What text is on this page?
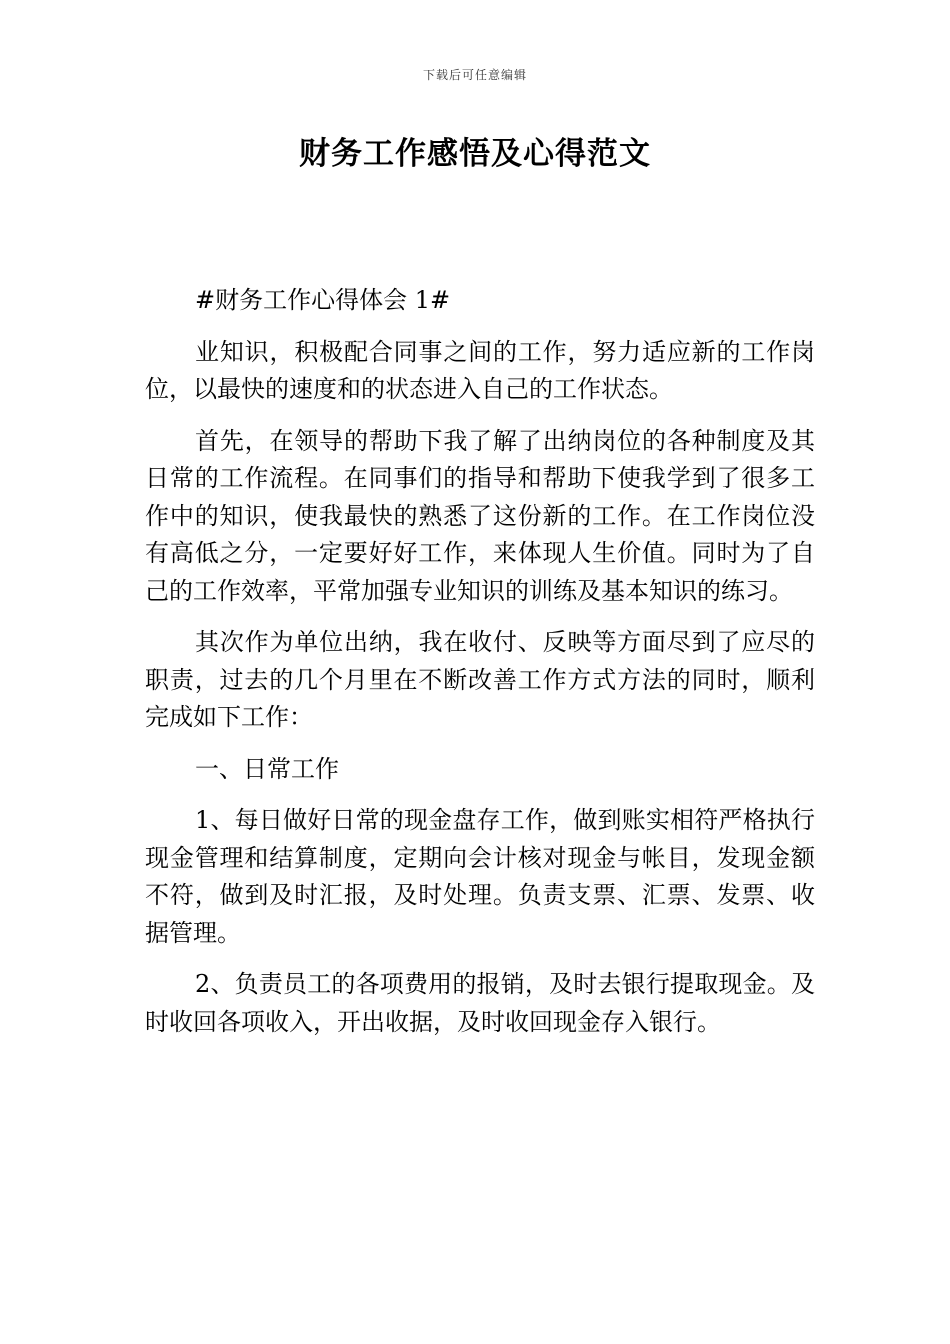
下载后可任意编辑
财务工作感悟及心得范文

#财务工作心得体会 1#

业知识，积极配合同事之间的工作，努力适应新的工作岗位，以最快的速度和的状态进入自己的工作状态。

首先，在领导的帮助下我了解了出纳岗位的各种制度及其日常的工作流程。在同事们的指导和帮助下使我学到了很多工作中的知识，使我最快的熟悉了这份新的工作。在工作岗位没有高低之分，一定要好好工作，来体现人生价值。同时为了自己的工作效率，平常加强专业知识的训练及基本知识的练习。

其次作为单位出纳，我在收付、反映等方面尽到了应尽的职责，过去的几个月里在不断改善工作方式方法的同时，顺利完成如下工作：

一、日常工作

1、每日做好日常的现金盘存工作，做到账实相符严格执行现金管理和结算制度，定期向会计核对现金与帐目，发现金额不符，做到及时汇报，及时处理。负责支票、汇票、发票、收据管理。

2、负责员工的各项费用的报销，及时去银行提取现金。及时收回各项收入，开出收据，及时收回现金存入银行。
